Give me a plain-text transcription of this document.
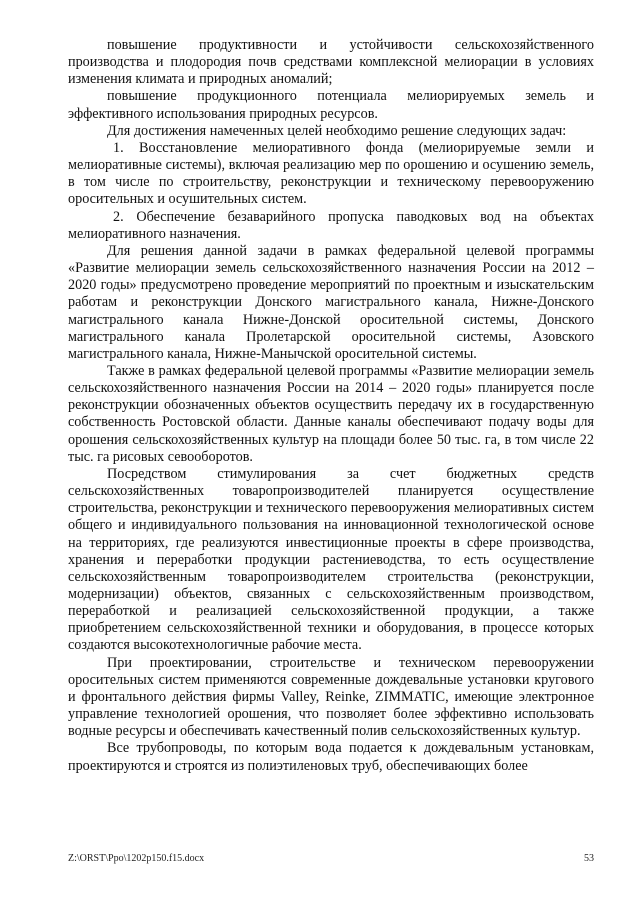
повышение продуктивности и устойчивости сельскохозяйственного производства и плодородия почв средствами комплексной мелиорации в условиях изменения климата и природных аномалий;

повышение продукционного потенциала мелиорируемых земель и эффективного использования природных ресурсов.

Для достижения намеченных целей необходимо решение следующих задач:

1. Восстановление мелиоративного фонда (мелиорируемые земли и мелиоративные системы), включая реализацию мер по орошению и осушению земель, в том числе по строительству, реконструкции и техническому перевооружению оросительных и осушительных систем.

2. Обеспечение безаварийного пропуска паводковых вод на объектах мелиоративного назначения.

Для решения данной задачи в рамках федеральной целевой программы «Развитие мелиорации земель сельскохозяйственного назначения России на 2012 – 2020 годы» предусмотрено проведение мероприятий по проектным и изыскательским работам и реконструкции Донского магистрального канала, Нижне-Донского магистрального канала Нижне-Донской оросительной системы, Донского магистрального канала Пролетарской оросительной системы, Азовского магистрального канала, Нижне-Манычской оросительной системы.

Также в рамках федеральной целевой программы «Развитие мелиорации земель сельскохозяйственного назначения России на 2014 – 2020 годы» планируется после реконструкции обозначенных объектов осуществить передачу их в государственную собственность Ростовской области. Данные каналы обеспечивают подачу воды для орошения сельскохозяйственных культур на площади более 50 тыс. га, в том числе 22 тыс. га рисовых севооборотов.

Посредством стимулирования за счет бюджетных средств сельскохозяйственных товаропроизводителей планируется осуществление строительства, реконструкции и технического перевооружения мелиоративных систем общего и индивидуального пользования на инновационной технологической основе на территориях, где реализуются инвестиционные проекты в сфере производства, хранения и переработки продукции растениеводства, то есть осуществление сельскохозяйственным товаропроизводителем строительства (реконструкции, модернизации) объектов, связанных с сельскохозяйственным производством, переработкой и реализацией сельскохозяйственной продукции, а также приобретением сельскохозяйственной техники и оборудования, в процессе которых создаются высокотехнологичные рабочие места.

При проектировании, строительстве и техническом перевооружении оросительных систем применяются современные дождевальные установки кругового и фронтального действия фирмы Valley, Reinke, ZIMMATIC, имеющие электронное управление технологией орошения, что позволяет более эффективно использовать водные ресурсы и обеспечивать качественный полив сельскохозяйственных культур.

Все трубопроводы, по которым вода подается к дождевальным установкам, проектируются и строятся из полиэтиленовых труб, обеспечивающих более

Z:\ORST\Ppo\1202p150.f15.docx	53
